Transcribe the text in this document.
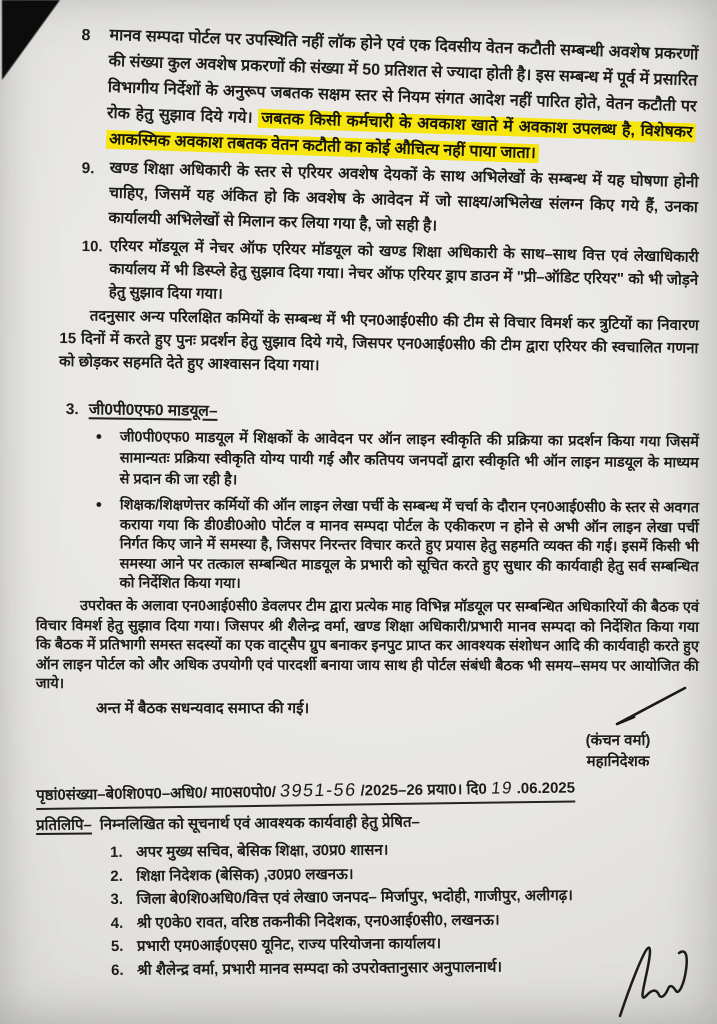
8 मानव सम्पदा पोर्टल पर उपस्थिति नहीं लॉक होने एवं एक दिवसीय वेतन कटौती सम्बन्धी अवशेष प्रकरणों की संख्या कुल अवशेष प्रकरणों की संख्या में 50 प्रतिशत से ज्यादा होती है। इस सम्बन्ध में पूर्व में प्रसारित विभागीय निर्देशों के अनुरूप जबतक सक्षम स्तर से नियम संगत आदेश नहीं पारित होते, वेतन कटौती पर रोक हेतु सुझाव दिये गये। जबतक किसी कर्मचारी के अवकाश खाते में अवकाश उपलब्ध है, विशेषकर आकस्मिक अवकाश तबतक वेतन कटौती का कोई औचित्य नहीं पाया जाता।

9. खण्ड शिक्षा अधिकारी के स्तर से एरियर अवशेष देयकों के साथ अभिलेखों के सम्बन्ध में यह घोषणा होनी चाहिए, जिसमें यह अंकित हो कि अवशेष के आवेदन में जो साक्ष्य/अभिलेख संलग्न किए गये हैं, उनका कार्यालयी अभिलेखों से मिलान कर लिया गया है, जो सही है।

10. एरियर मॉडयूल में नेचर ऑफ एरियर मॉडयूल को खण्ड शिक्षा अधिकारी के साथ–साथ वित्त एवं लेखाधिकारी कार्यालय में भी डिस्प्ले हेतु सुझाव दिया गया। नेचर ऑफ एरियर ड्राप डाउन में "प्री–ऑडिट एरियर" को भी जोड़ने हेतु सुझाव दिया गया।

तदनुसार अन्य परिलक्षित कमियों के सम्बन्ध में भी एन0आई0सी0 की टीम से विचार विमर्श कर त्रुटियों का निवारण 15 दिनों में करते हुए पुनः प्रदर्शन हेतु सुझाव दिये गये, जिसपर एन0आई0सी0 की टीम द्वारा एरियर की स्वचालित गणना को छोड़कर सहमति देते हुए आश्वासन दिया गया।

3. जी0पी0एफ0 माडयूल–
• जी0पी0एफ0 माडयूल में शिक्षकों के आवेदन पर ऑन लाइन स्वीकृति की प्रक्रिया का प्रदर्शन किया गया जिसमें सामान्यतः प्रक्रिया स्वीकृति योग्य पायी गई और कतिपय जनपदों द्वारा स्वीकृति भी ऑन लाइन माडयूल के माध्यम से प्रदान की जा रही है।

• शिक्षक/शिक्षणेत्तर कर्मियों की ऑन लाइन लेखा पर्ची के सम्बन्ध में चर्चा के दौरान एन0आई0सी0 के स्तर से अवगत कराया गया कि डी0डी0ओ0 पोर्टल व मानव सम्पदा पोर्टल के एकीकरण न होने से अभी ऑन लाइन लेखा पर्ची निर्गत किए जाने में समस्या है, जिसपर निरन्तर विचार करते हुए प्रयास हेतु सहमति व्यक्त की गई। इसमें किसी भी समस्या आने पर तत्काल सम्बन्धित माडयूल के प्रभारी को सूचित करते हुए सुधार की कार्यवाही हेतु सर्व सम्बन्धित को निर्देशित किया गया।

उपरोक्त के अलावा एन0आई0सी0 डेवलपर टीम द्वारा प्रत्येक माह विभिन्न मॉडयूल पर सम्बन्धित अधिकारियों की बैठक एवं विचार विमर्श हेतु सुझाव दिया गया। जिसपर श्री शैलेन्द्र वर्मा, खण्ड शिक्षा अधिकारी/प्रभारी मानव सम्पदा को निर्देशित किया गया कि बैठक में प्रतिभागी समस्त सदस्यों का एक वाट्सैप ग्रुप बनाकर इनपुट प्राप्त कर आवश्यक संशोधन आदि की कार्यवाही करते हुए ऑन लाइन पोर्टल को और अधिक उपयोगी एवं पारदर्शी बनाया जाय साथ ही पोर्टल संबंधी बैठक भी समय–समय पर आयोजित की जाये।

अन्त में बैठक सधन्यवाद समाप्त की गई।

(कंचन वर्मा)
महानिदेशक
पृष्ठां0संख्या–बे0शि0प0–अधि0/ मा0स0पो0/ 3951-56 /2025–26 प्रया0। दि0 19 .06.2025
प्रतिलिपि– निम्नलिखित को सूचनार्थ एवं आवश्यक कार्यवाही हेतु प्रेषित–
1. अपर मुख्य सचिव, बेसिक शिक्षा, उ0प्र0 शासन।
2. शिक्षा निदेशक (बेसिक) ,उ0प्र0 लखनऊ।
3. जिला बे0शि0अधि0/वित्त एवं लेखा0 जनपद– मिर्जापुर, भदोही, गाजीपुर, अलीगढ़।
4. श्री ए0के0 रावत, वरिष्ठ तकनीकी निदेशक, एन0आई0सी0, लखनऊ।
5. प्रभारी एम0आई0एस0 यूनिट, राज्य परियोजना कार्यालय।
6. श्री शैलेन्द्र वर्मा, प्रभारी मानव सम्पदा को उपरोक्तानुसार अनुपालनार्थ।
